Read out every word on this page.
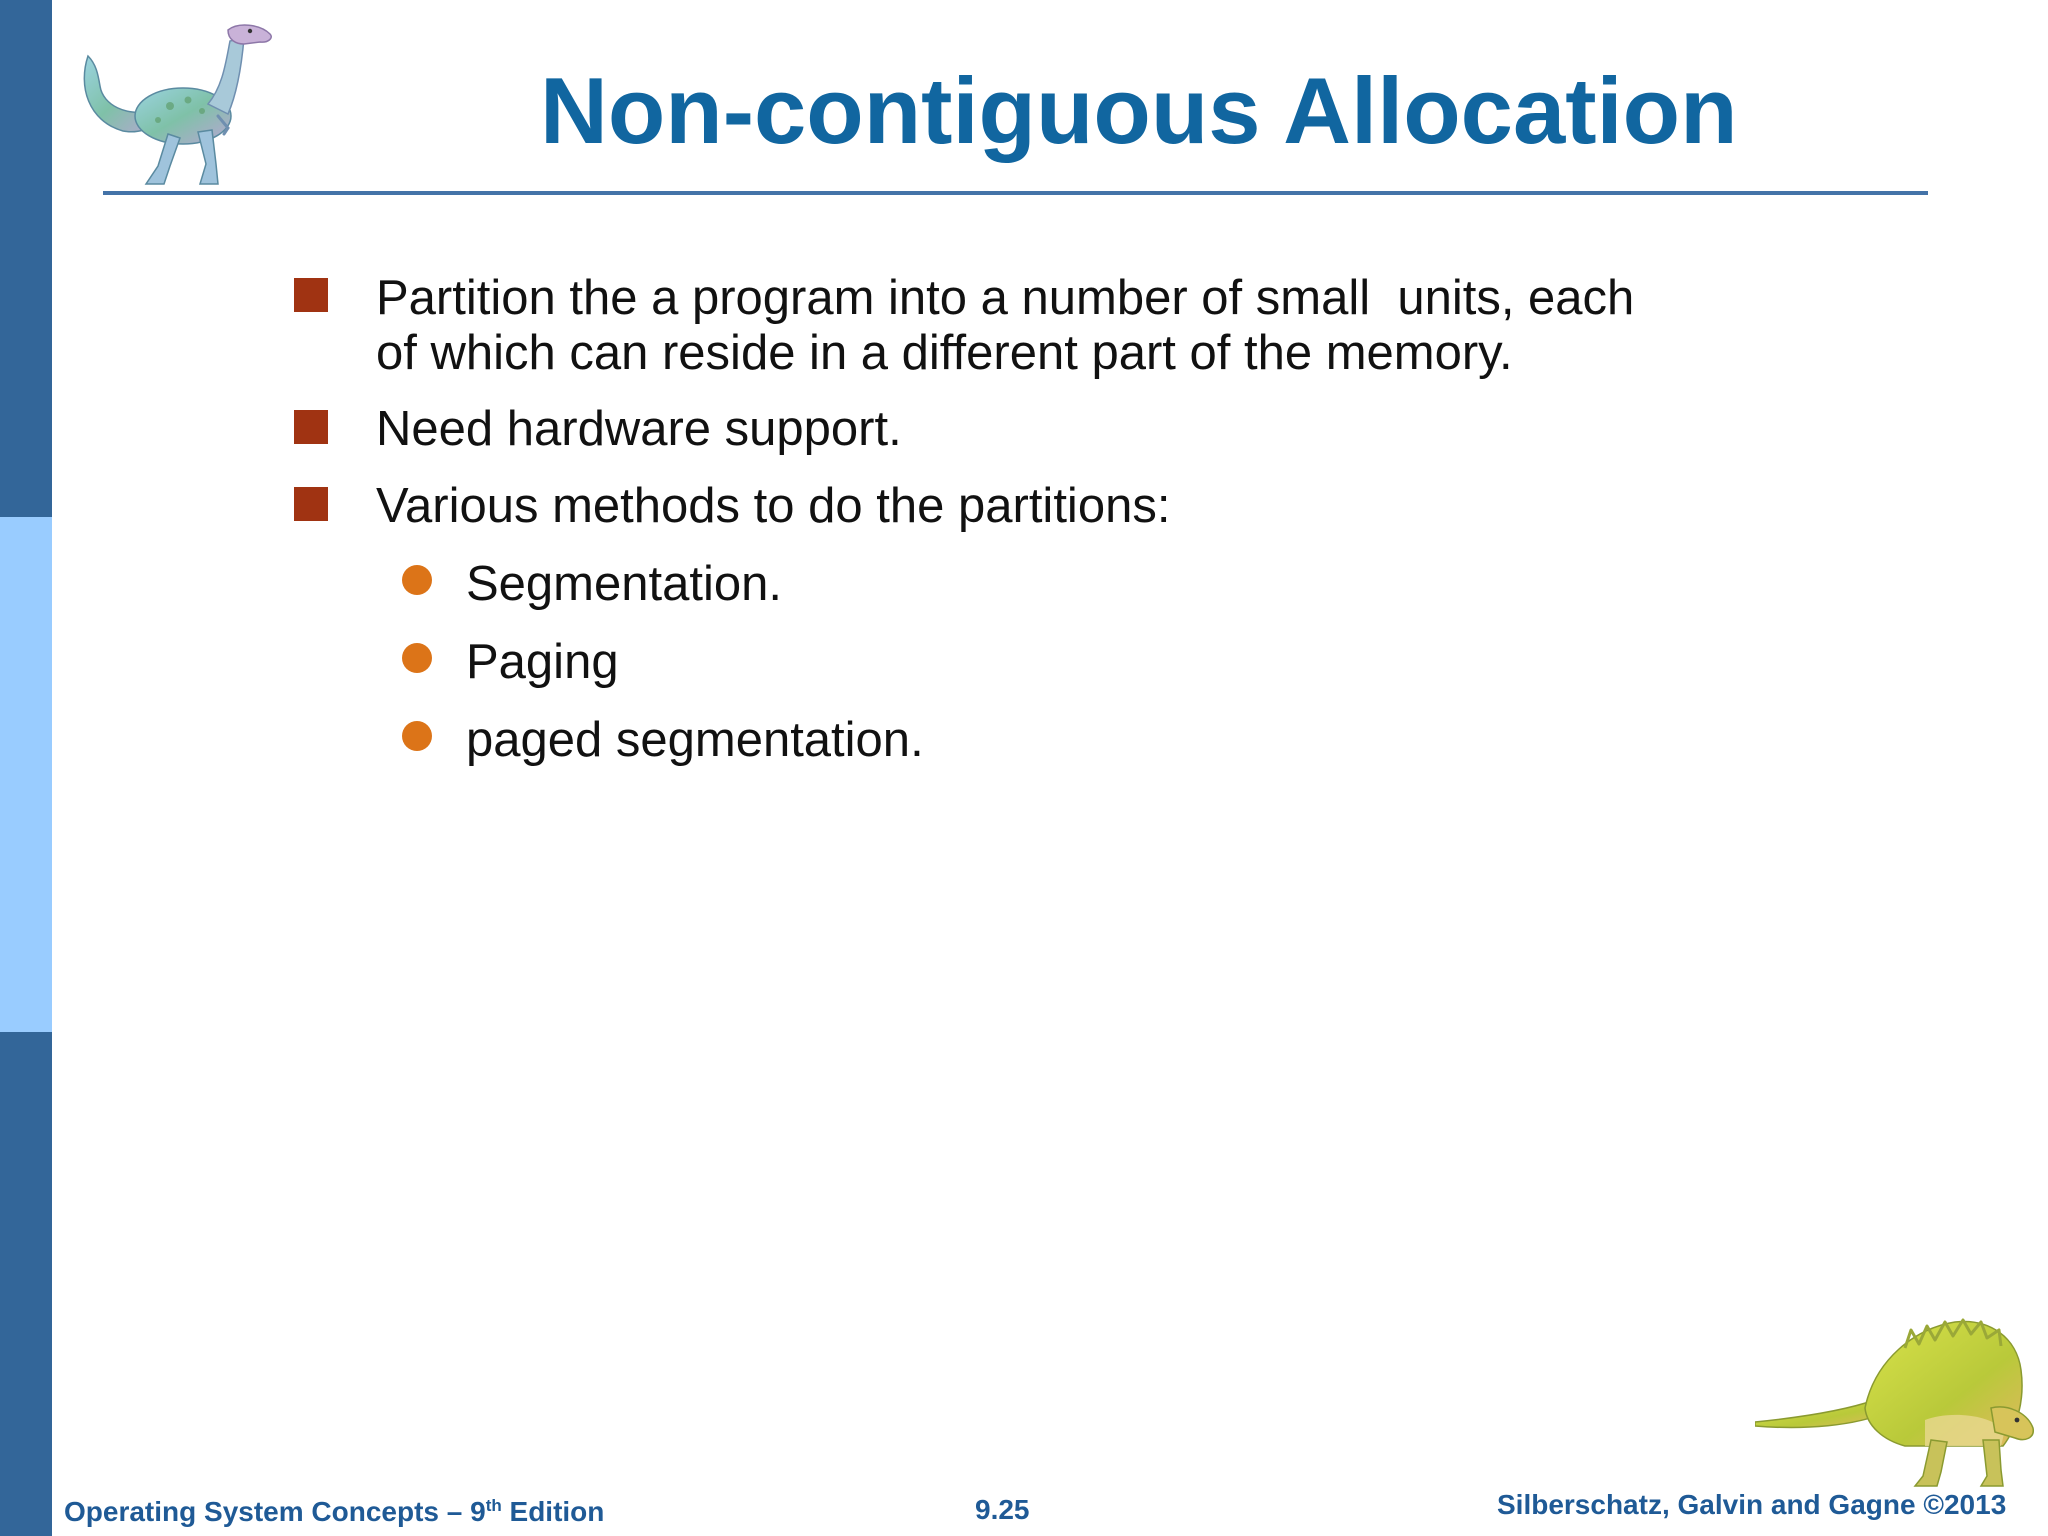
Non-contiguous Allocation

Partition the a program into a number of small  units, each

of which can reside in a different part of the memory.

Need hardware support.

Various methods to do the partitions:

Segmentation.

Paging

paged segmentation.

Operating System Concepts – 9th Edition	9.25	Silberschatz, Galvin and Gagne ©2013
